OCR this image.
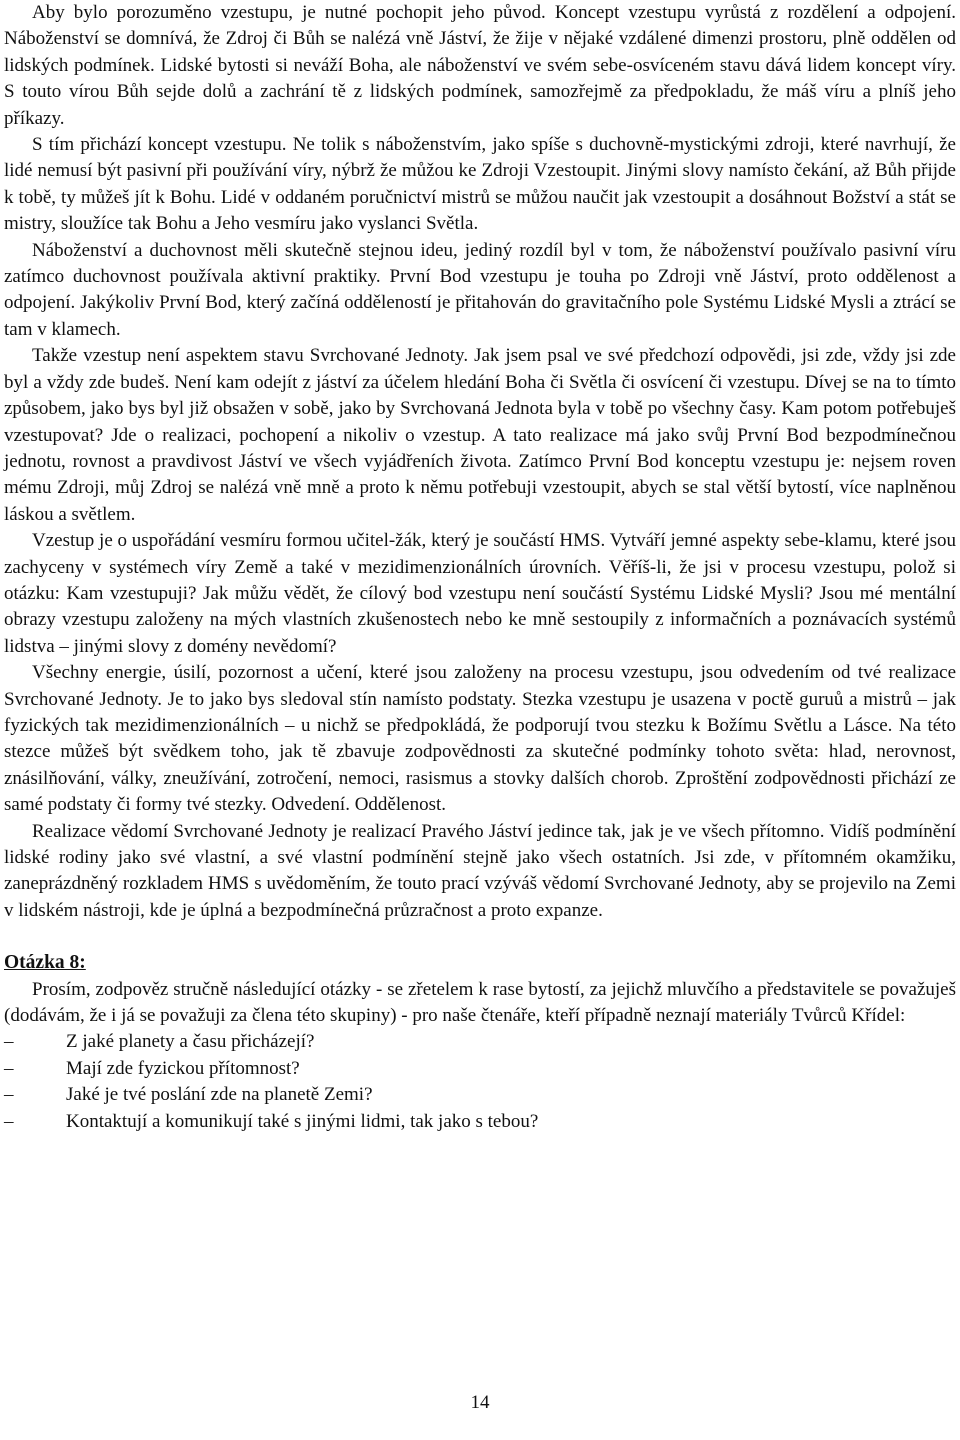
Aby bylo porozuměno vzestupu, je nutné pochopit jeho původ. Koncept vzestupu vyrůstá z rozdělení a odpojení. Náboženství se domnívá, že Zdroj či Bůh se nalézá vně Jáství, že žije v nějaké vzdálené dimenzi prostoru, plně oddělen od lidských podmínek. Lidské bytosti si neváží Boha, ale náboženství ve svém sebe-osvíceném stavu dává lidem koncept víry. S touto vírou Bůh sejde dolů a zachrání tě z lidských podmínek, samozřejmě za předpokladu, že máš víru a plníš jeho příkazy.

S tím přichází koncept vzestupu. Ne tolik s náboženstvím, jako spíše s duchovně-mystickými zdroji, které navrhují, že lidé nemusí být pasivní při používání víry, nýbrž že můžou ke Zdroji Vzestoupit. Jinými slovy namísto čekání, až Bůh přijde k tobě, ty můžeš jít k Bohu. Lidé v oddaném poručnictví mistrů se můžou naučit jak vzestoupit a dosáhnout Božství a stát se mistry, sloužíce tak Bohu a Jeho vesmíru jako vyslanci Světla.

Náboženství a duchovnost měli skutečně stejnou ideu, jediný rozdíl byl v tom, že náboženství používalo pasivní víru zatímco duchovnost používala aktivní praktiky. První Bod vzestupu je touha po Zdroji vně Jáství, proto oddělenost a odpojení. Jakýkoliv První Bod, který začíná odděleností je přitahován do gravitačního pole Systému Lidské Mysli a ztrácí se tam v klamech.

Takže vzestup není aspektem stavu Svrchované Jednoty. Jak jsem psal ve své předchozí odpovědi, jsi zde, vždy jsi zde byl a vždy zde budeš. Není kam odejít z jáství za účelem hledání Boha či Světla či osvícení či vzestupu. Dívej se na to tímto způsobem, jako bys byl již obsažen v sobě, jako by Svrchovaná Jednota byla v tobě po všechny časy. Kam potom potřebuješ vzestupovat? Jde o realizaci, pochopení a nikoliv o vzestup. A tato realizace má jako svůj První Bod bezpodmínečnou jednotu, rovnost a pravdivost Jáství ve všech vyjádřeních života. Zatímco První Bod konceptu vzestupu je: nejsem roven mému Zdroji, můj Zdroj se nalézá vně mně a proto k němu potřebuji vzestoupit, abych se stal větší bytostí, více naplněnou láskou a světlem.

Vzestup je o uspořádání vesmíru formou učitel-žák, který je součástí HMS. Vytváří jemné aspekty sebe-klamu, které jsou zachyceny v systémech víry Země a také v mezidimenzionálních úrovních. Věříš-li, že jsi v procesu vzestupu, polož si otázku: Kam vzestupuji? Jak můžu vědět, že cílový bod vzestupu není součástí Systému Lidské Mysli? Jsou mé mentální obrazy vzestupu založeny na mých vlastních zkušenostech nebo ke mně sestoupily z informačních a poznávacích systémů lidstva – jinými slovy z domény nevědomí?

Všechny energie, úsilí, pozornost a učení, které jsou založeny na procesu vzestupu, jsou odvedením od tvé realizace Svrchované Jednoty. Je to jako bys sledoval stín namísto podstaty. Stezka vzestupu je usazena v poctě guruů a mistrů – jak fyzických tak mezidimenzionálních – u nichž se předpokládá, že podporují tvou stezku k Božímu Světlu a Lásce. Na této stezce můžeš být svědkem toho, jak tě zbavuje zodpovědnosti za skutečné podmínky tohoto světa: hlad, nerovnost, znásilňování, války, zneužívání, zotročení, nemoci, rasismus a stovky dalších chorob. Zproštění zodpovědnosti přichází ze samé podstaty či formy tvé stezky. Odvedení. Oddělenost.

Realizace vědomí Svrchované Jednoty je realizací Pravého Jáství jedince tak, jak je ve všech přítomno. Vidíš podmínění lidské rodiny jako své vlastní, a své vlastní podmínění stejně jako všech ostatních. Jsi zde, v přítomném okamžiku, zaneprázdněný rozkladem HMS s uvědoměním, že touto prací vzýváš vědomí Svrchované Jednoty, aby se projevilo na Zemi v lidském nástroji, kde je úplná a bezpodmínečná průzračnost a proto expanze.

Otázka 8:

Prosím, zodpověz stručně následující otázky - se zřetelem k rase bytostí, za jejichž mluvčího a představitele se považuješ (dodávám, že i já se považuji za člena této skupiny) - pro naše čtenáře, kteří případně neznají materiály Tvůrců Křídel:

–	Z jaké planety a času přicházejí?
–	Mají zde fyzickou přítomnost?
–	Jaké je tvé poslání zde na planetě Zemi?
–	Kontaktují a komunikují také s jinými lidmi, tak jako s tebou?
14
